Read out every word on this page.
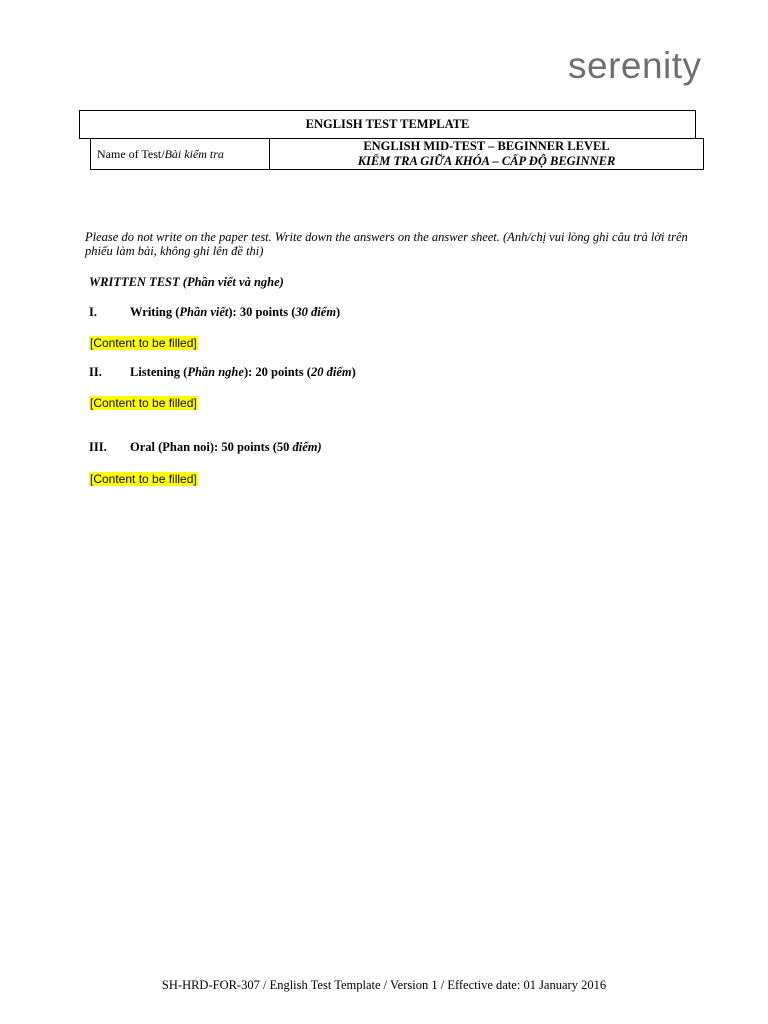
serenity
ENGLISH TEST TEMPLATE
Name of Test/ Bài kiểm tra
ENGLISH MID-TEST – BEGINNER LEVEL
KIỂM TRA GIỮA KHÓA – CẤP ĐỘ BEGINNER
Please do not write on the paper test. Write down the answers on the answer sheet. (Anh/chị vui lòng ghi câu trả lời trên phiếu làm bài, không ghi lên đề thi)
WRITTEN TEST (Phần viết và nghe)
I.	Writing (Phần viết): 30 points (30 điểm)
[Content to be filled]
II. Listening (Phần nghe): 20 points (20 điểm)
[Content to be filled]
III. Oral (Phan noi): 50 points (50 điểm)
[Content to be filled]
SH-HRD-FOR-307 / English Test Template / Version 1 / Effective date: 01 January 2016
